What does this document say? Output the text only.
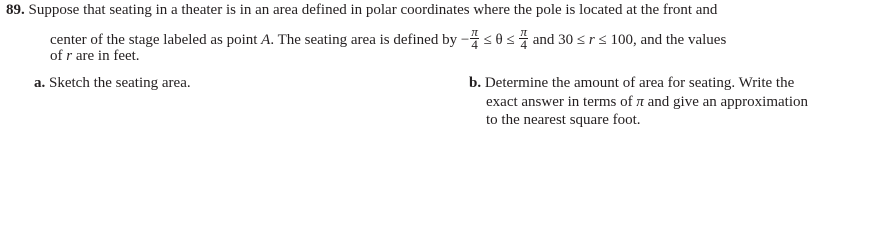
89. Suppose that seating in a theater is in an area defined in polar coordinates where the pole is located at the front and
center of the stage labeled as point A. The seating area is defined by − $\frac{\pi}{4} \le \theta \le \frac{\pi}{4}$ and 30 ≤ r ≤ 100, and the values
of r are in feet.
a. Sketch the seating area.	b. Determine the amount of area for seating. Write the
exact answer in terms of π and give an approximation
to the nearest square foot.
